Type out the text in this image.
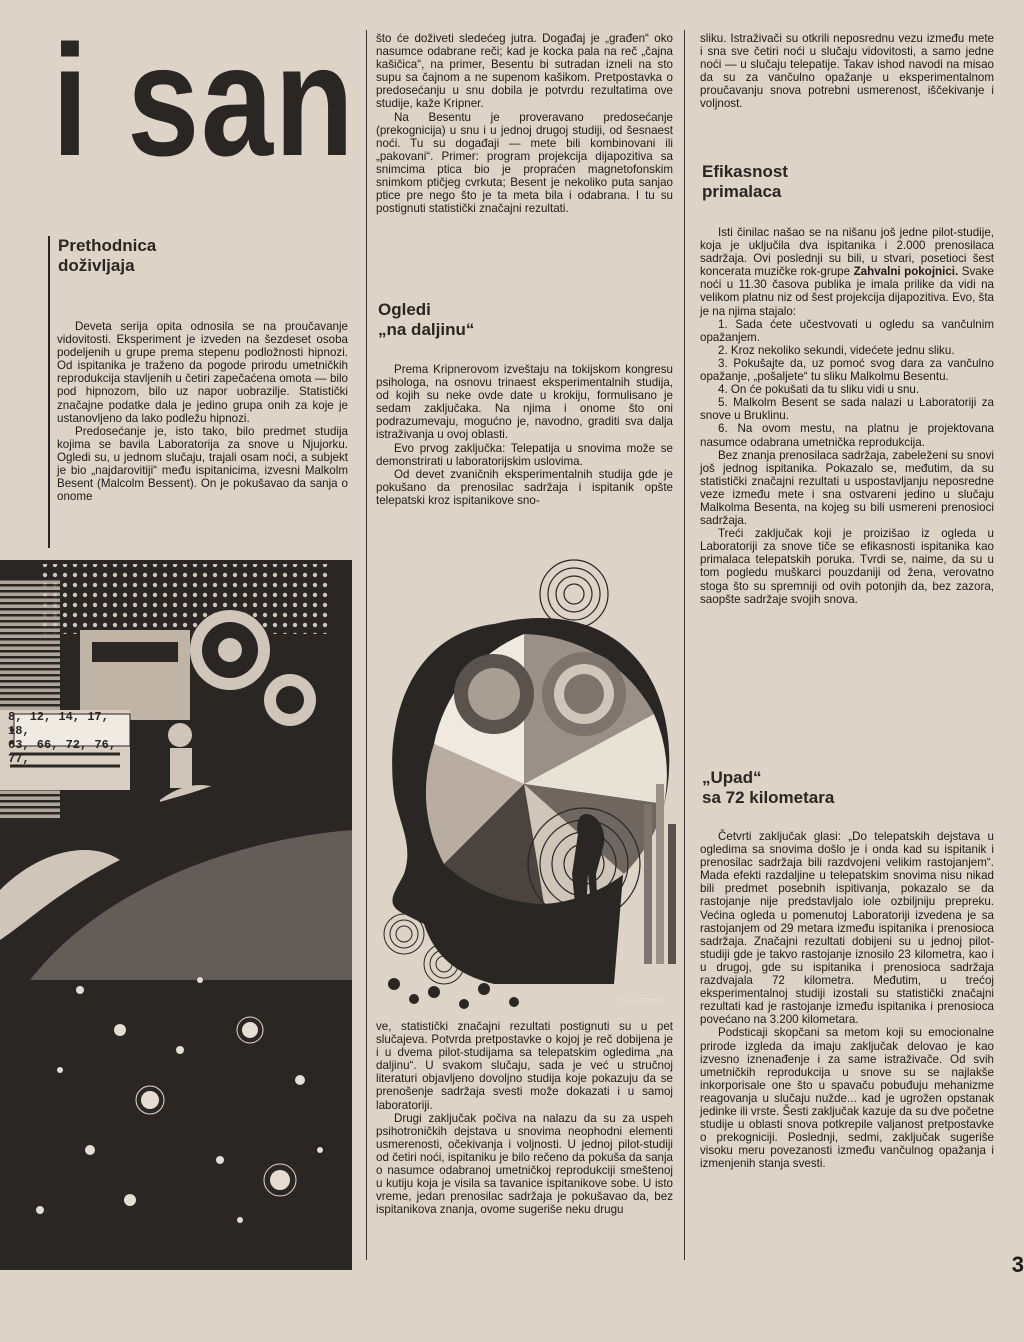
i san
Prethodnica
doživljaja

Deveta serija opita odnosila se na proučavanje vidovitosti. Eksperiment je izveden na šezdeset osoba podeljenih u grupe prema stepenu podložnosti hipnozi. Od ispitanika je traženo da pogode prirodu umetničkih reprodukcija stavljenih u četiri zapečaćena omota — bilo pod hipnozom, bilo uz napor uobrazilje. Statistički značajne podatke dala je jedino grupa onih za koje je ustanovljeno da lako podležu hipnozi.

Predosećanje je, isto tako, bilo predmet studija kojima se bavila Laboratorija za snove u Njujorku. Ogledi su, u jednom slučaju, trajali osam noći, a subjekt je bio „najdarovitiji“ među ispitanicima, izvesni Malkolm Besent (Malcolm Bessent). On je pokušavao da sanja o onome

8, 12, 14, 17, 18,
63, 66, 72, 76, 77,
N.LUTOHIN

što će doživeti sledećeg jutra. Događaj je „građen“ oko nasumce odabrane reči; kad je kocka pala na reč „čajna kašičica“, na primer, Besentu bi sutradan izneli na sto supu sa čajnom a ne supenom kašikom. Pretpostavka o predosećanju u snu dobila je potvrdu rezultatima ove studije, kaže Kripner.

Na Besentu je proveravano predosećanje (prekognicija) u snu i u jednoj drugoj studiji, od šesnaest noći. Tu su događaji — mete bili kombinovani ili „pakovani“. Primer: program projekcija dijapozitiva sa snimcima ptica bio je propraćen magnetofonskim snimkom ptičjeg cvrkuta; Besent je nekoliko puta sanjao ptice pre nego što je ta meta bila i odabrana. I tu su postignuti statistički značajni rezultati.

Ogledi
„na daljinu“

Prema Kripnerovom izveštaju na tokijskom kongresu psihologa, na osnovu trinaest eksperimentalnih studija, od kojih su neke ovde date u krokiju, formulisano je sedam zaključaka. Na njima i onome što oni podrazumevaju, mogućno je, navodno, graditi sva dalja istraživanja u ovoj oblasti.

Evo prvog zaključka: Telepatija u snovima može se demonstrirati u laboratorijskim uslovima.

Od devet zvaničnih eksperimentalnih studija gde je pokušano da prenosilac sadržaja i ispitanik opšte telepatski kroz ispitanikove sno-

N.LUTOHIN

ve, statistički značajni rezultati postignuti su u pet slučajeva. Potvrda pretpostavke o kojoj je reč dobijena je i u dvema pilot-studijama sa telepatskim ogledima „na daljinu“. U svakom slučaju, sada je već u stručnoj literaturi objavljeno dovoljno studija koje pokazuju da se prenošenje sadržaja svesti može dokazati i u samoj laboratoriji.

Drugi zaključak počiva na nalazu da su za uspeh psihotroničkih dejstava u snovima neophodni elementi usmerenosti, očekivanja i voljnosti. U jednoj pilot-studiji od četiri noći, ispitaniku je bilo rečeno da pokuša da sanja o nasumce odabranoj umetničkoj reprodukciji smeštenoj u kutiju koja je visila sa tavanice ispitanikove sobe. U isto vreme, jedan prenosilac sadržaja je pokušavao da, bez ispitanikova znanja, ovome sugeriše neku drugu

sliku. Istraživači su otkrili neposrednu vezu između mete i sna sve četiri noći u slučaju vidovitosti, a samo jedne noći — u slučaju telepatije. Takav ishod navodi na misao da su za vančulno opažanje u eksperimentalnom proučavanju snova potrebni usmerenost, iščekivanje i voljnost.

Efikasnost
primalaca

Isti činilac našao se na nišanu još jedne pilot-studije, koja je uključila dva ispitanika i 2.000 prenosilaca sadržaja. Ovi poslednji su bili, u stvari, posetioci šest koncerata muzičke rok-grupe Zahvalni pokojnici. Svake noći u 11.30 časova publika je imala prilike da vidi na velikom platnu niz od šest projekcija dijapozitiva. Evo, šta je na njima stajalo:

1. Sada ćete učestvovati u ogledu sa vančulnim opažanjem.

2. Kroz nekoliko sekundi, videćete jednu sliku.

3. Pokušajte da, uz pomoć svog dara za vančulno opažanje, „pošaljete“ tu sliku Malkolmu Besentu.

4. On će pokušati da tu sliku vidi u snu.

5. Malkolm Besent se sada nalazi u Laboratoriji za snove u Bruklinu.

6. Na ovom mestu, na platnu je projektovana nasumce odabrana umetnička reprodukcija.

Bez znanja prenosilaca sadržaja, zabeleženi su snovi još jednog ispitanika. Pokazalo se, međutim, da su statistički značajni rezultati u uspostavljanju neposredne veze između mete i sna ostvareni jedino u slučaju Malkolma Besenta, na kojeg su bili usmereni prenosioci sadržaja.

Treći zaključak koji je proizišao iz ogleda u Laboratoriji za snove tiče se efikasnosti ispitanika kao primalaca telepatskih poruka. Tvrdi se, naime, da su u tom pogledu muškarci pouzdaniji od žena, verovatno stoga što su spremniji od ovih potonjih da, bez zazora, saopšte sadržaje svojih snova.

„Upad“
sa 72 kilometara

Četvrti zaključak glasi: „Do telepatskih dejstava u ogledima sa snovima došlo je i onda kad su ispitanik i prenosilac sadržaja bili razdvojeni velikim rastojanjem“. Mada efekti razdaljine u telepatskim snovima nisu nikad bili predmet posebnih ispitivanja, pokazalo se da rastojanje nije predstavljalo iole ozbiljniju prepreku. Većina ogleda u pomenutoj Laboratoriji izvedena je sa rastojanjem od 29 metara između ispitanika i prenosioca sadržaja. Značajni rezultati dobijeni su u jednoj pilot-studiji gde je takvo rastojanje iznosilo 23 kilometra, kao i u drugoj, gde su ispitanika i prenosioca sadržaja razdvajala 72 kilometra. Međutim, u trećoj eksperimentalnoj studiji izostali su statistički značajni rezultati kad je rastojanje između ispitanika i prenosioca povećano na 3.200 kilometara.

Podsticaji skopčani sa metom koji su emocionalne prirode izgleda da imaju zaključak delovao je kao izvesno iznenađenje i za same istraživače. Od svih umetničkih reprodukcija u snove su se najlakše inkorporisale one što u spavaču pobuđuju mehanizme reagovanja u slučaju nužde... kad je ugrožen opstanak jedinke ili vrste. Šesti zaključak kazuje da su dve početne studije u oblasti snova potkrepile valjanost pretpostavke o prekogniciji. Poslednji, sedmi, zaključak sugeriše visoku meru povezanosti između vančulnog opažanja i izmenjenih stanja svesti.

3
